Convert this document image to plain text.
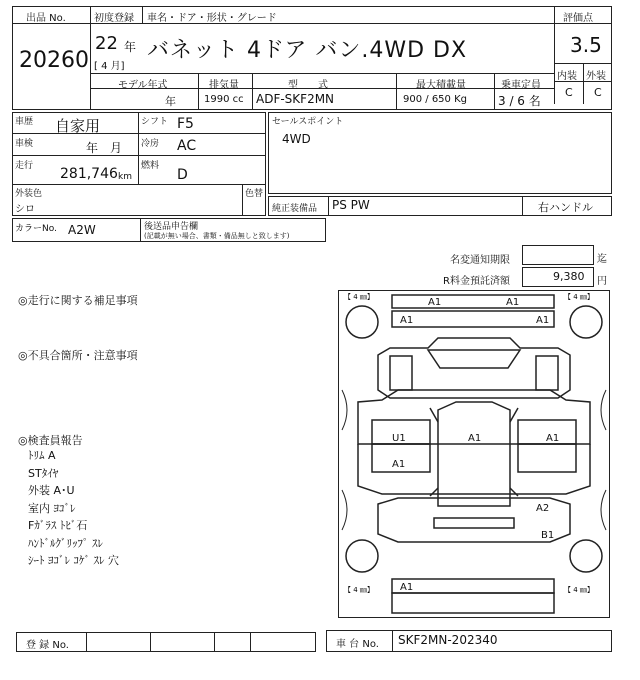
出品 No.
20260
初度登録 車名・ドア・形状・グレード
22 年
[ 4 月]
バネット 4ドア バン.4WD DX
評価点
3.5
内装 外装
C C
モデル年式	排気量	型　　式	最大積載量	乗車定員
年	1990 cc ADF-SKF2MN	900 / 650 Kg	3 / 6 名
車歴 自家用	シフト F5
車検	年　月 冷房 AC
走行 281,746 km
燃料
D
外装色
シロ
色替
セールスポイント
4WD
純正装備品 PS PW	右ハンドル
カラーNo. A2W	後送品申告欄
(記載が無い場合、書類・備品無しと致します)
名変通知期限	迄
R料金預託済額	9,380 円
◎走行に関する補足事項
◎不具合箇所・注意事項
◎検査員報告
ﾄﾘﾑ A
STﾀｲﾔ
外装 A･U
室内 ﾖｺﾞﾚ
Fｶﾞﾗｽ ﾄﾋﾞ石
ﾊﾝﾄﾞﾙｸﾞﾘｯﾌﾟ ｽﾚ
ｼｰﾄ ﾖｺﾞﾚ ｺｹﾞ ｽﾚ 穴
【 4 ㎜】	【 4 ㎜】
【 4 ㎜】	【 4 ㎜】
A1	A1
A1	A1
U1	A1	A1
A1
A2
B1
A1
登 録 No.	車 台 No. SKF2MN-202340
